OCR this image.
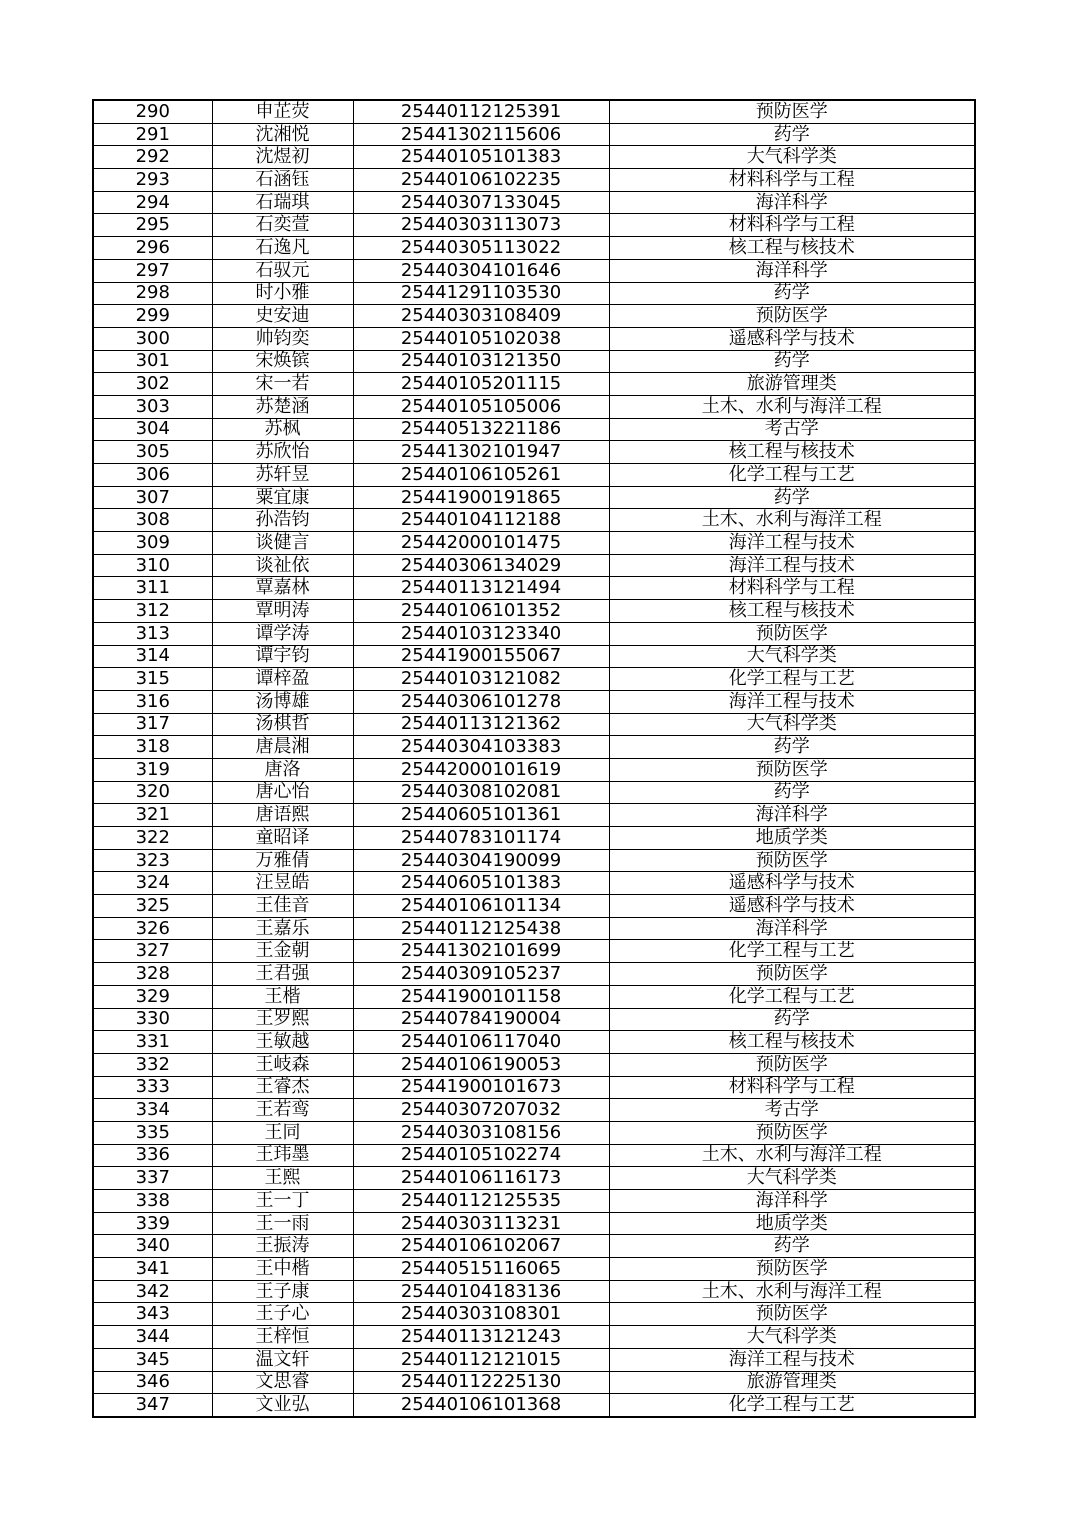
290	申芷荧	25440112125391	预防医学
291	沈湘悦	25441302115606	药学
292	沈煜初	25440105101383	大气科学类
293	石涵钰	25440106102235	材料科学与工程
294	石瑞琪	25440307133045	海洋科学
295	石奕萱	25440303113073	材料科学与工程
296	石逸凡	25440305113022	核工程与核技术
297	石驭元	25440304101646	海洋科学
298	时小雅	25441291103530	药学
299	史安迪	25440303108409	预防医学
300	帅钧奕	25440105102038	遥感科学与技术
301	宋焕镔	25440103121350	药学
302	宋一若	25440105201115	旅游管理类
303	苏楚涵	25440105105006	土木、水利与海洋工程
304	苏枫	25440513221186	考古学
305	苏欣怡	25441302101947	核工程与核技术
306	苏轩昱	25440106105261	化学工程与工艺
307	粟宜康	25441900191865	药学
308	孙浩钧	25440104112188	土木、水利与海洋工程
309	谈健言	25442000101475	海洋工程与技术
310	谈祉依	25440306134029	海洋工程与技术
311	覃嘉林	25440113121494	材料科学与工程
312	覃明涛	25440106101352	核工程与核技术
313	谭学涛	25440103123340	预防医学
314	谭宇钧	25441900155067	大气科学类
315	谭梓盈	25440103121082	化学工程与工艺
316	汤博雄	25440306101278	海洋工程与技术
317	汤棋哲	25440113121362	大气科学类
318	唐晨湘	25440304103383	药学
319	唐洛	25442000101619	预防医学
320	唐心怡	25440308102081	药学
321	唐语熙	25440605101361	海洋科学
322	童昭译	25440783101174	地质学类
323	万雅倩	25440304190099	预防医学
324	汪昱皓	25440605101383	遥感科学与技术
325	王佳音	25440106101134	遥感科学与技术
326	王嘉乐	25440112125438	海洋科学
327	王金朝	25441302101699	化学工程与工艺
328	王君强	25440309105237	预防医学
329	王楷	25441900101158	化学工程与工艺
330	王罗熙	25440784190004	药学
331	王敏越	25440106117040	核工程与核技术
332	王岐森	25440106190053	预防医学
333	王睿杰	25441900101673	材料科学与工程
334	王若鸾	25440307207032	考古学
335	王同	25440303108156	预防医学
336	王玮墨	25440105102274	土木、水利与海洋工程
337	王熙	25440106116173	大气科学类
338	王一丁	25440112125535	海洋科学
339	王一雨	25440303113231	地质学类
340	王振涛	25440106102067	药学
341	王中楷	25440515116065	预防医学
342	王子康	25440104183136	土木、水利与海洋工程
343	王子心	25440303108301	预防医学
344	王梓恒	25440113121243	大气科学类
345	温文轩	25440112121015	海洋工程与技术
346	文思睿	25440112225130	旅游管理类
347	文业弘	25440106101368	化学工程与工艺
